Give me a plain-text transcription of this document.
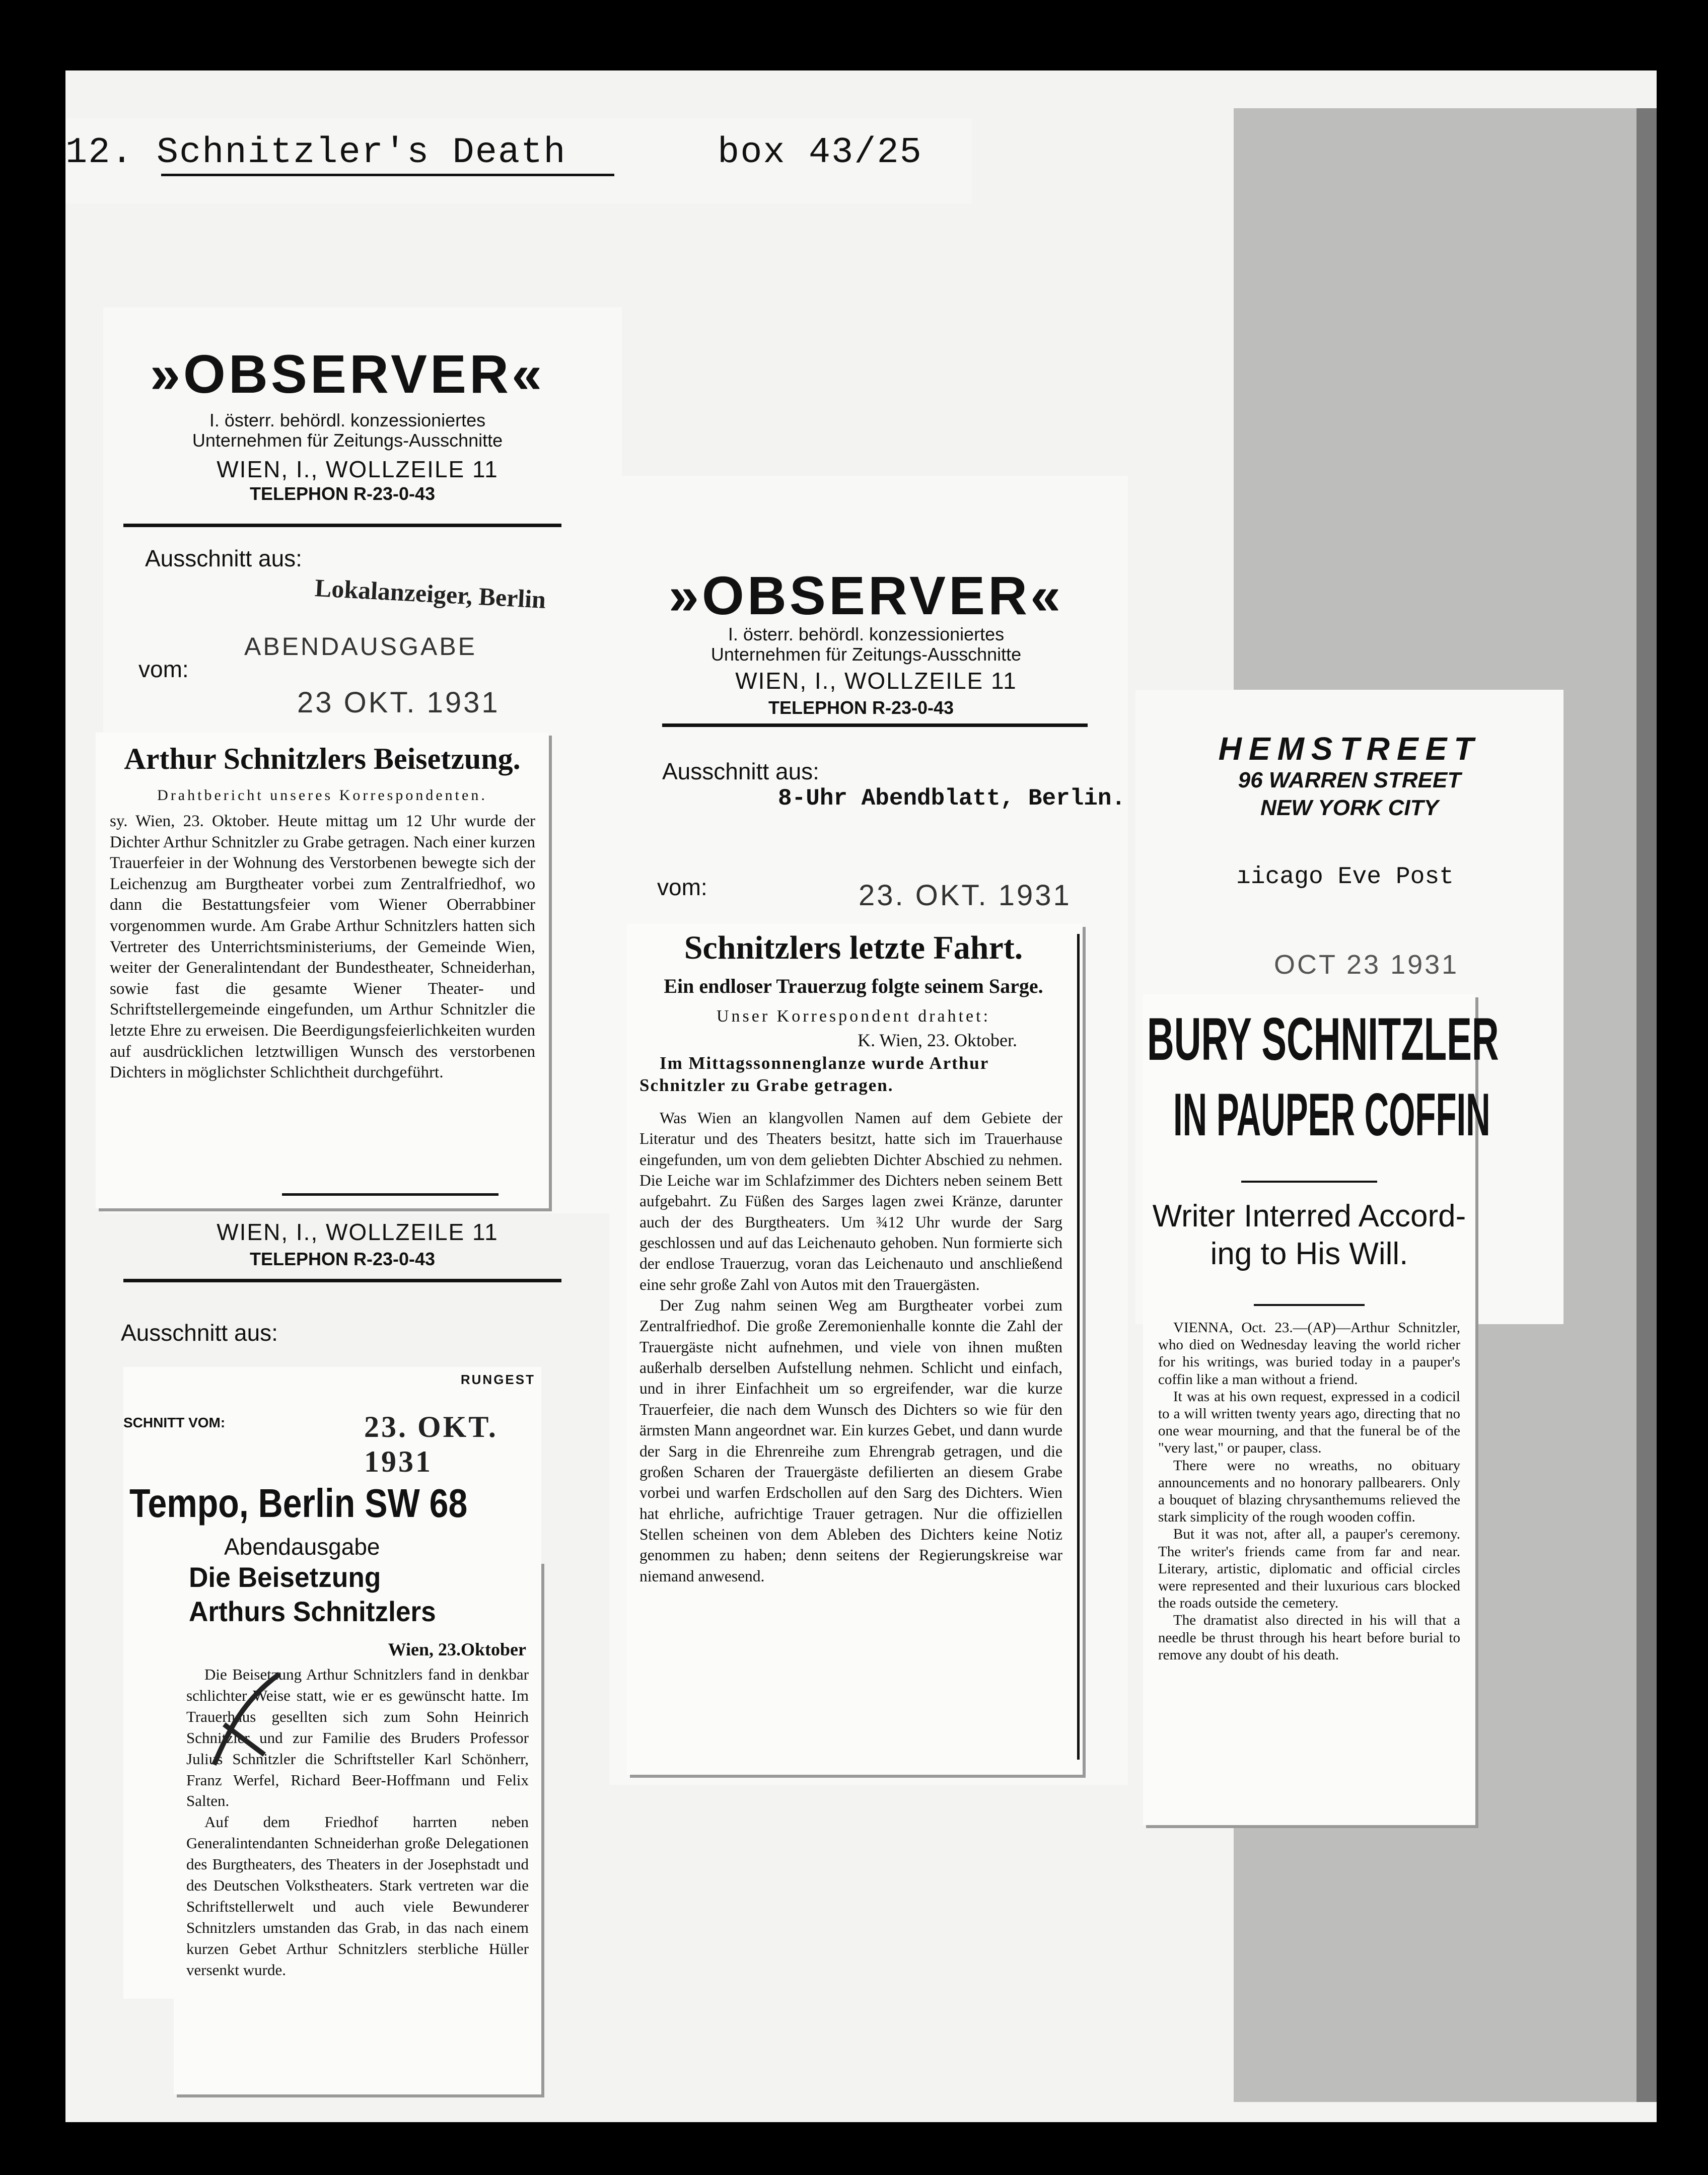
12. Schnitzler's Death	box 43/25
»OBSERVER«
I. österr. behördl. konzessioniertes
Unternehmen für Zeitungs-Ausschnitte
WIEN, I., WOLLZEILE 11
TELEPHON R-23-0-43
Ausschnitt aus:
Lokalanzeiger, Berlin
ABENDAUSGABE
vom:
23 OKT. 1931
Arthur Schnitzlers Beisetzung.
Drahtbericht unseres Korrespondenten.
sy. Wien, 23. Oktober. Heute mittag um 12 Uhr wurde der Dichter Arthur Schnitzler zu Grabe getragen. Nach einer kurzen Trauerfeier in der Wohnung des Verstorbenen bewegte sich der Leichenzug am Burgtheater vorbei zum Zentralfriedhof, wo dann die Bestattungsfeier vom Wiener Oberrabbiner vorgenommen wurde. Am Grabe Arthur Schnitzlers hatten sich Vertreter des Unterrichtsministeriums, der Gemeinde Wien, weiter der Generalintendant der Bundestheater, Schneiderhan, sowie fast die gesamte Wiener Theater- und Schriftstellergemeinde eingefunden, um Arthur Schnitzler die letzte Ehre zu erweisen. Die Beerdigungsfeierlichkeiten wurden auf ausdrücklichen letztwilligen Wunsch des verstorbenen Dichters in möglichster Schlichtheit durchgeführt.
WIEN, I., WOLLZEILE 11
TELEPHON R-23-0-43
Ausschnitt aus:
RUNGEST
SCHNITT VOM:	23. OKT. 1931
Tempo, Berlin SW 68
Abendausgabe
Die Beisetzung
Arthurs Schnitzlers
Wien, 23.Oktober

Die Beisetzung Arthur Schnitzlers fand in denkbar schlichter Weise statt, wie er es gewünscht hatte. Im Trauerhaus gesellten sich zum Sohn Heinrich Schnitzler und zur Familie des Bruders Professor Julius Schnitzler die Schriftsteller Karl Schönherr, Franz Werfel, Richard Beer-Hoffmann und Felix Salten.

Auf dem Friedhof harrten neben Generalintendanten Schneiderhan große Delegationen des Burgtheaters, des Theaters in der Josephstadt und des Deutschen Volkstheaters. Stark vertreten war die Schriftstellerwelt und auch viele Bewunderer Schnitzlers umstanden das Grab, in das nach einem kurzen Gebet Arthur Schnitzlers sterbliche Hüller versenkt wurde.

»OBSERVER«
I. österr. behördl. konzessioniertes
Unternehmen für Zeitungs-Ausschnitte
WIEN, I., WOLLZEILE 11
TELEPHON R-23-0-43
Ausschnitt aus:
8-Uhr Abendblatt, Berlin.
vom:	23. OKT. 1931
Schnitzlers letzte Fahrt.
Ein endloser Trauerzug folgte seinem Sarge.
Unser Korrespondent drahtet:
K. Wien, 23. Oktober.
Im Mittagssonnenglanze wurde Arthur Schnitzler zu Grabe getragen.

Was Wien an klangvollen Namen auf dem Gebiete der Literatur und des Theaters besitzt, hatte sich im Trauerhause eingefunden, um von dem geliebten Dichter Abschied zu nehmen. Die Leiche war im Schlafzimmer des Dichters neben seinem Bett aufgebahrt. Zu Füßen des Sarges lagen zwei Kränze, darunter auch der des Burgtheaters. Um ¾12 Uhr wurde der Sarg geschlossen und auf das Leichenauto gehoben. Nun formierte sich der endlose Trauerzug, voran das Leichenauto und anschließend eine sehr große Zahl von Autos mit den Trauergästen.

Der Zug nahm seinen Weg am Burgtheater vorbei zum Zentralfriedhof. Die große Zeremonienhalle konnte die Zahl der Trauergäste nicht aufnehmen, und viele von ihnen mußten außerhalb derselben Aufstellung nehmen. Schlicht und einfach, und in ihrer Einfachheit um so ergreifender, war die kurze Trauerfeier, die nach dem Wunsch des Dichters so wie für den ärmsten Mann angeordnet war. Ein kurzes Gebet, und dann wurde der Sarg in die Ehrenreihe zum Ehrengrab getragen, und die großen Scharen der Trauergäste defilierten an diesem Grabe vorbei und warfen Erdschollen auf den Sarg des Dichters. Wien hat ehrliche, aufrichtige Trauer getragen. Nur die offiziellen Stellen scheinen von dem Ableben des Dichters keine Notiz genommen zu haben; denn seitens der Regierungskreise war niemand anwesend.

HEMSTREET
96 WARREN STREET
NEW YORK CITY
ıicago Eve Post
OCT 23 1931
BURY SCHNITZLER
IN PAUPER COFFIN
Writer Interred Accord-
ing to His Will.

VIENNA, Oct. 23.—(AP)—Arthur Schnitzler, who died on Wednesday leaving the world richer for his writings, was buried today in a pauper's coffin like a man without a friend.

It was at his own request, expressed in a codicil to a will written twenty years ago, directing that no one wear mourning, and that the funeral be of the "very last," or pauper, class.

There were no wreaths, no obituary announcements and no honorary pallbearers. Only a bouquet of blazing chrysanthemums relieved the stark simplicity of the rough wooden coffin.

But it was not, after all, a pauper's ceremony. The writer's friends came from far and near. Literary, artistic, diplomatic and official circles were represented and their luxurious cars blocked the roads outside the cemetery.

The dramatist also directed in his will that a needle be thrust through his heart before burial to remove any doubt of his death.
